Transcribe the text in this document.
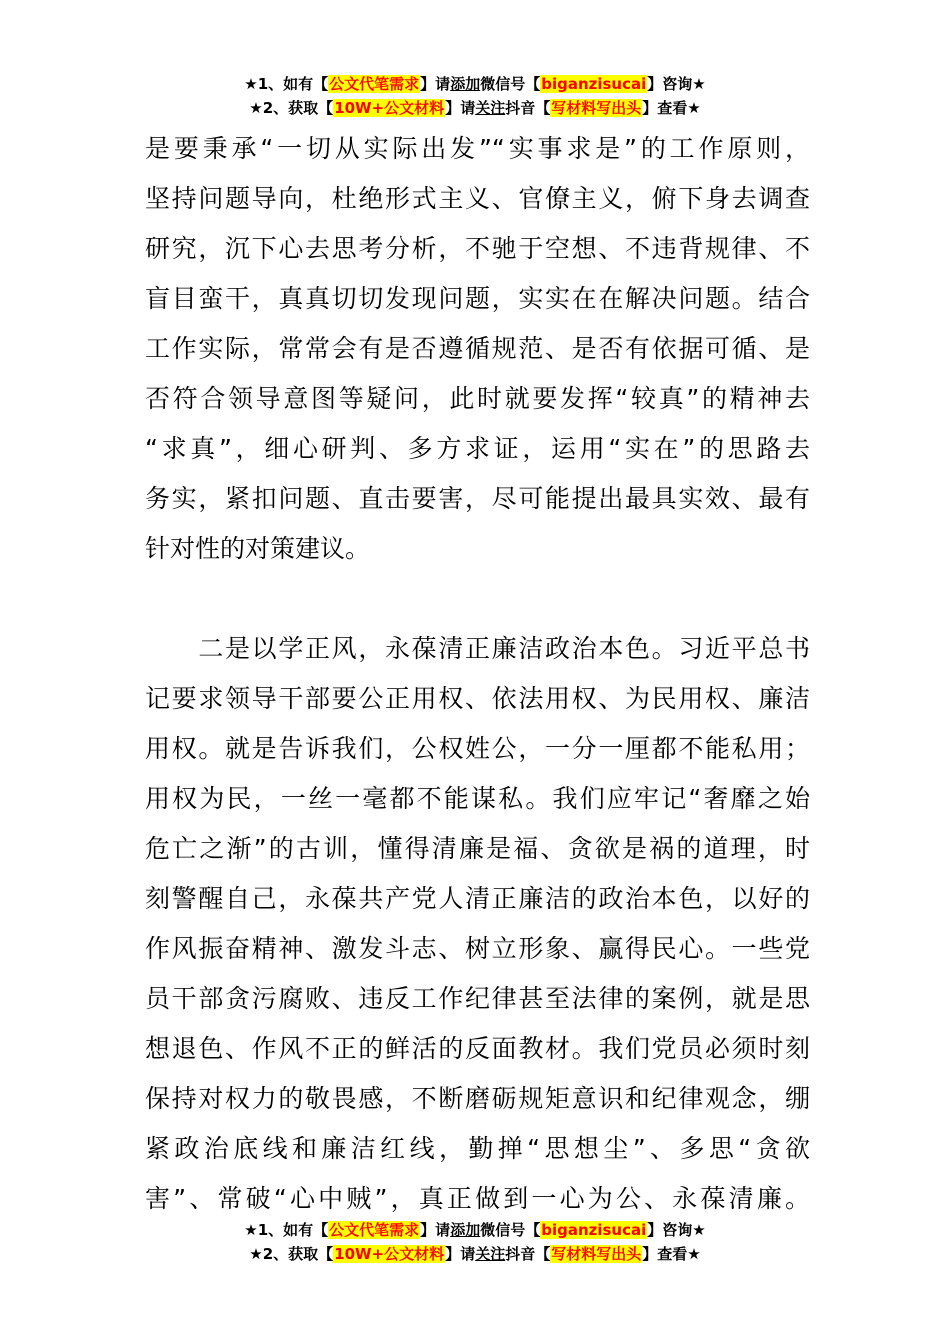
★1、如有【公文代笔需求】请添加微信号【biganzisucai】咨询★
★2、获取【10W+公文材料】请关注抖音【写材料写出头】查看★
是要秉承“一切从实际出发”“实事求是”的工作原则，
坚持问题导向，杜绝形式主义、官僚主义，俯下身去调查
研究，沉下心去思考分析，不驰于空想、不违背规律、不
盲目蛮干，真真切切发现问题，实实在在解决问题。结合
工作实际，常常会有是否遵循规范、是否有依据可循、是
否符合领导意图等疑问，此时就要发挥“较真”的精神去
“求真”，细心研判、多方求证，运用“实在”的思路去
务实，紧扣问题、直击要害，尽可能提出最具实效、最有
针对性的对策建议。
　　二是以学正风，永葆清正廉洁政治本色。习近平总书
记要求领导干部要公正用权、依法用权、为民用权、廉洁
用权。就是告诉我们，公权姓公，一分一厘都不能私用；
用权为民，一丝一毫都不能谋私。我们应牢记“奢靡之始
危亡之渐”的古训，懂得清廉是福、贪欲是祸的道理，时
刻警醒自己，永葆共产党人清正廉洁的政治本色，以好的
作风振奋精神、激发斗志、树立形象、赢得民心。一些党
员干部贪污腐败、违反工作纪律甚至法律的案例，就是思
想退色、作风不正的鲜活的反面教材。我们党员必须时刻
保持对权力的敬畏感，不断磨砺规矩意识和纪律观念，绷
紧政治底线和廉洁红线，勤掸“思想尘”、多思“贪欲
害”、常破“心中贼”，真正做到一心为公、永葆清廉。
★1、如有【公文代笔需求】请添加微信号【biganzisucai】咨询★
★2、获取【10W+公文材料】请关注抖音【写材料写出头】查看★
